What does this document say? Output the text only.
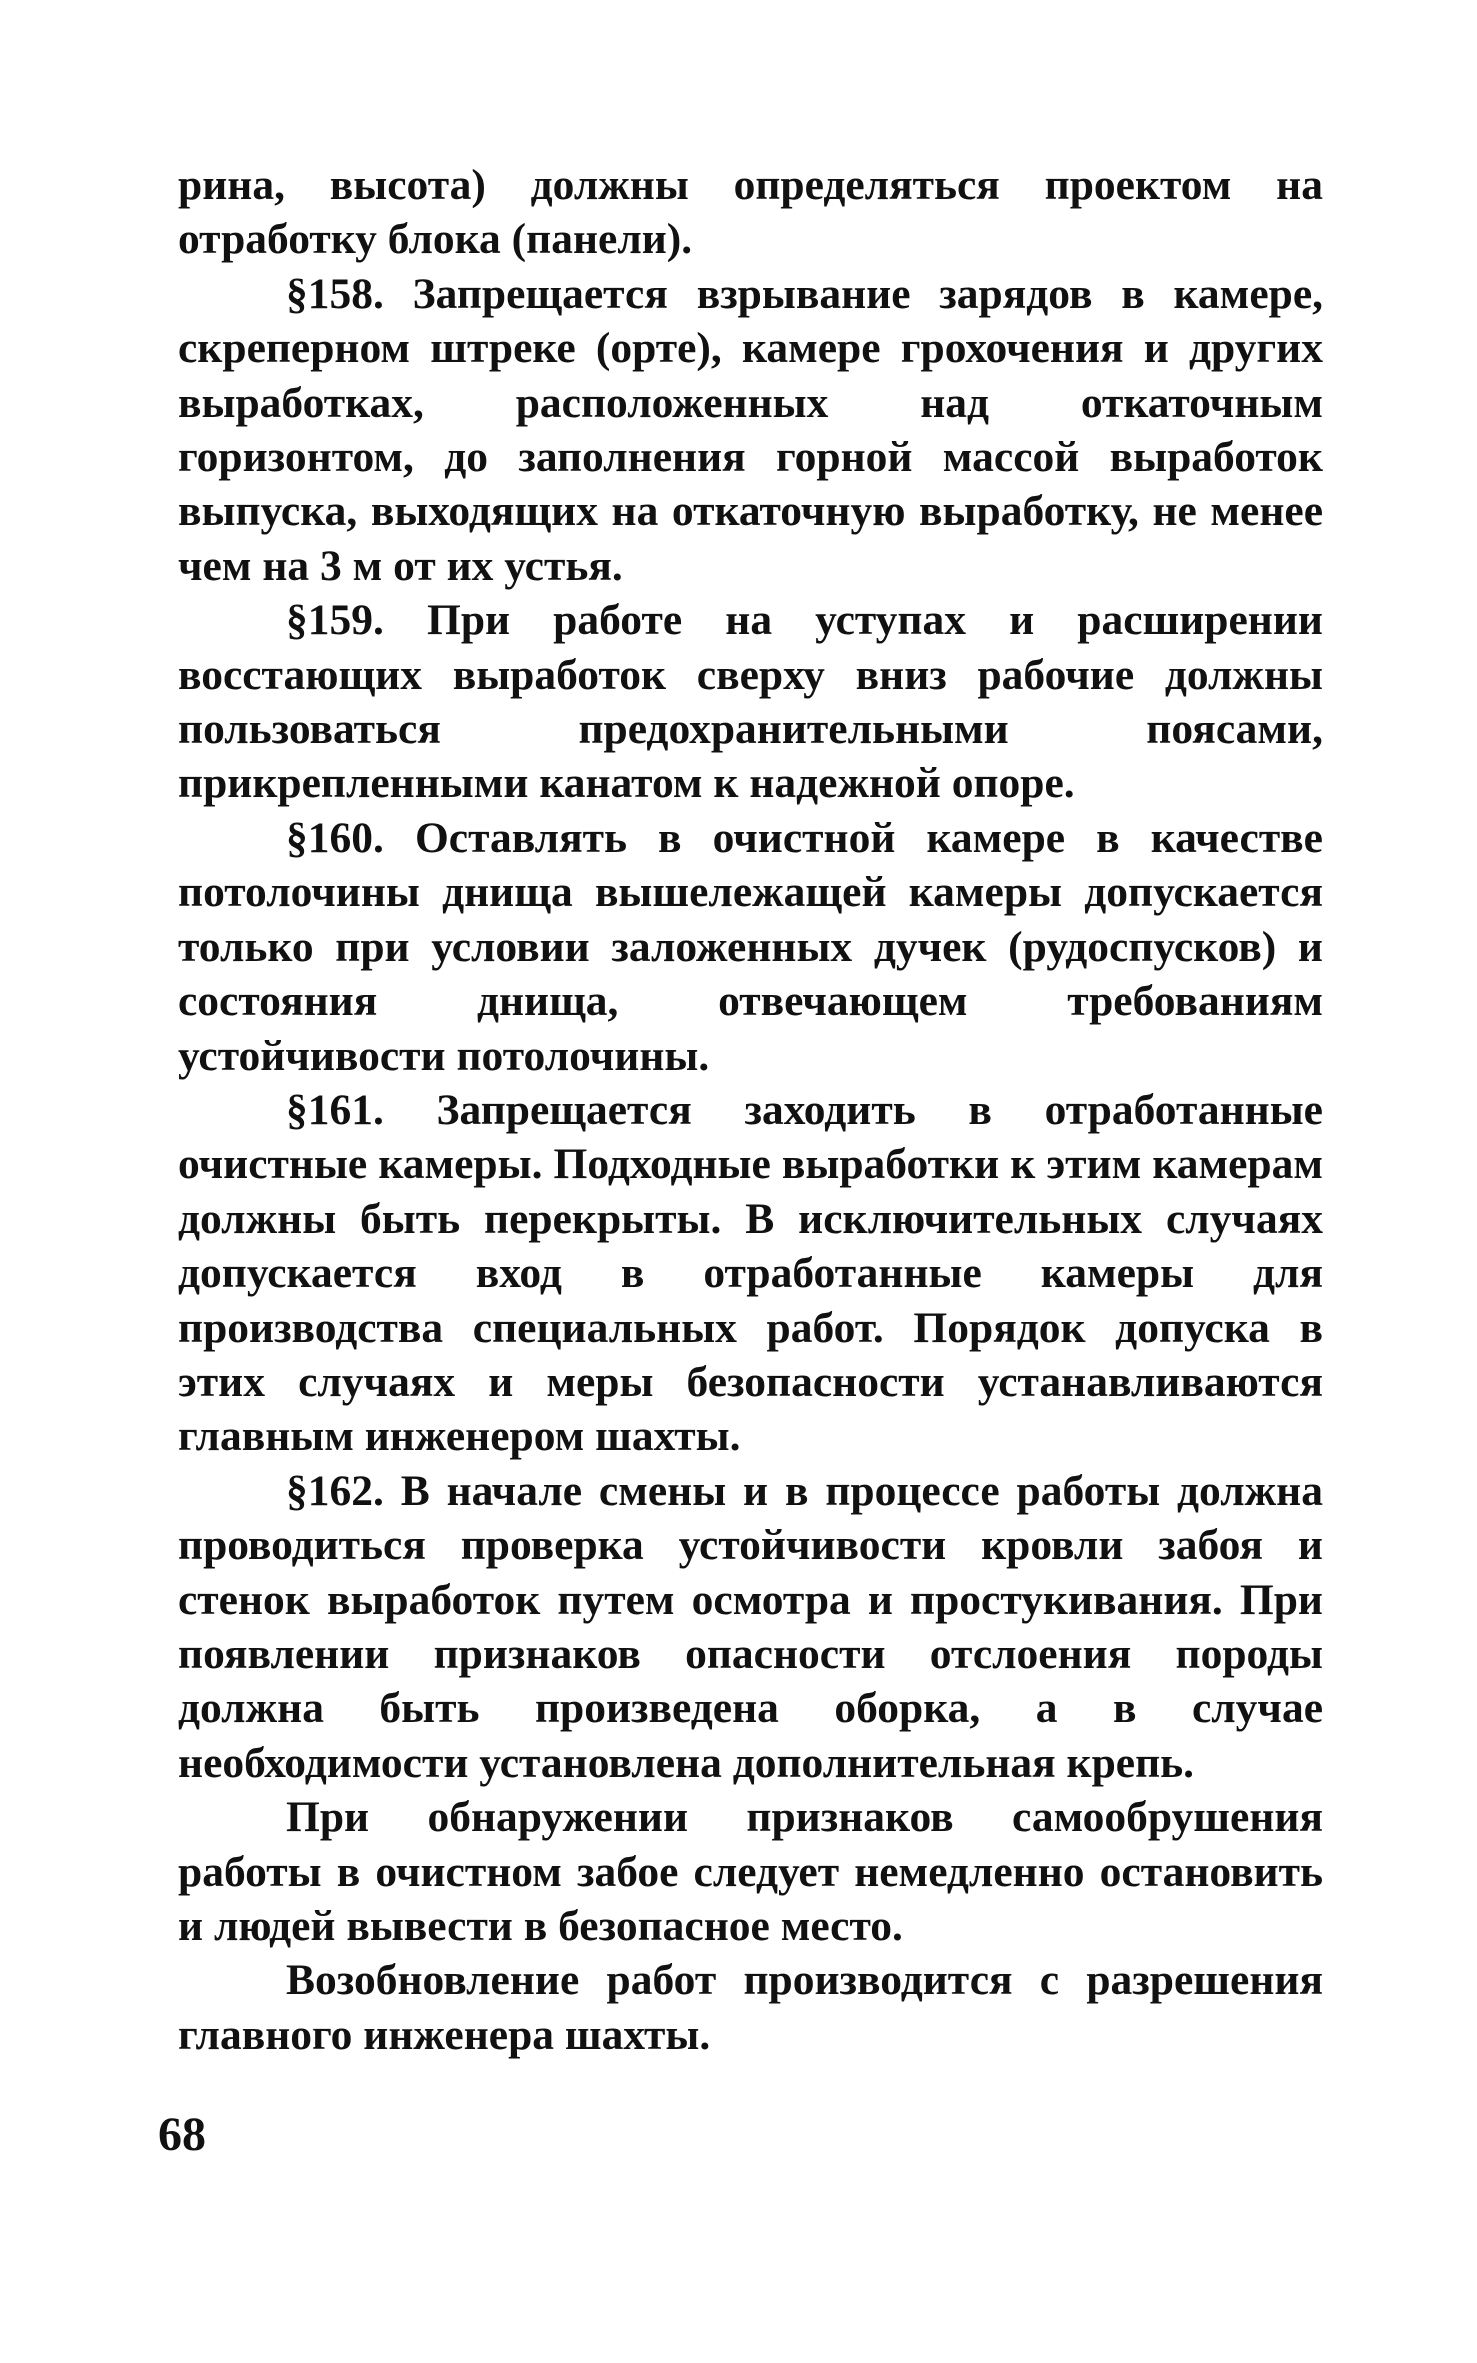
рина, высота) должны определяться проектом на отработку блока (панели).

§158. Запрещается взрывание зарядов в камере, скреперном штреке (орте), камере грохочения и других выработках, расположенных над откаточным горизонтом, до заполнения горной массой выработок выпуска, выходящих на откаточную выработку, не менее чем на 3 м от их устья.

§159. При работе на уступах и расширении восстающих выработок сверху вниз рабочие должны пользоваться предохранительными поясами, прикрепленными канатом к надежной опоре.

§160. Оставлять в очистной камере в качестве потолочины днища вышележащей камеры допускается только при условии заложенных дучек (рудоспусков) и состояния днища, отвечающем требованиям устойчивости потолочины.

§161. Запрещается заходить в отработанные очистные камеры. Подходные выработки к этим камерам должны быть перекрыты. В исключительных случаях допускается вход в отработанные камеры для производства специальных работ. Порядок допуска в этих случаях и меры безопасности устанавливаются главным инженером шахты.

§162. В начале смены и в процессе работы должна проводиться проверка устойчивости кровли забоя и стенок выработок путем осмотра и простукивания. При появлении признаков опасности отслоения породы должна быть произведена оборка, а в случае необходимости установлена дополнительная крепь.

При обнаружении признаков самообрушения работы в очистном забое следует немедленно остановить и людей вывести в безопасное место.

Возобновление работ производится с разрешения главного инженера шахты.

68
